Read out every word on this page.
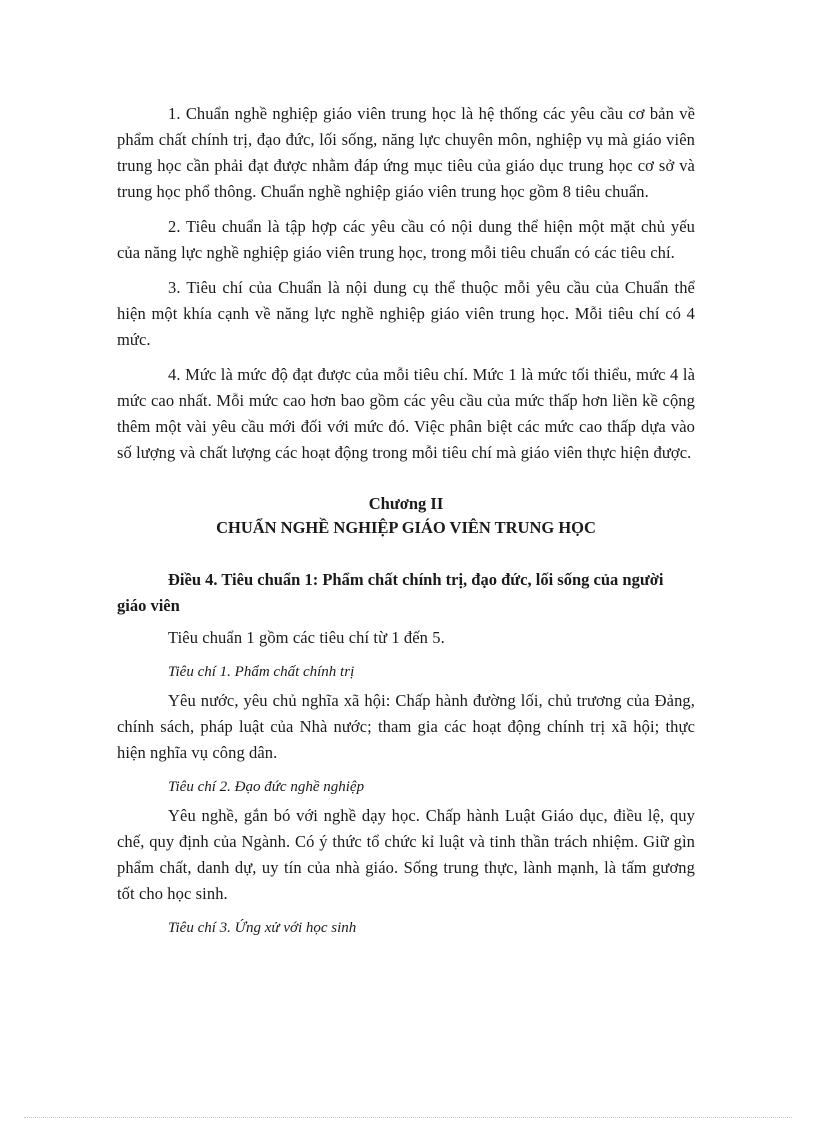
1. Chuẩn nghề nghiệp giáo viên trung học là hệ thống các yêu cầu cơ bản về phẩm chất chính trị, đạo đức, lối sống, năng lực chuyên môn, nghiệp vụ mà giáo viên trung học cần phải đạt được nhằm đáp ứng mục tiêu của giáo dục trung học cơ sở và trung học phổ thông. Chuẩn nghề nghiệp giáo viên trung học gồm 8 tiêu chuẩn.

2. Tiêu chuẩn là tập hợp các yêu cầu có nội dung thể hiện một mặt chủ yếu của năng lực nghề nghiệp giáo viên trung học, trong mỗi tiêu chuẩn có các tiêu chí.

3. Tiêu chí của Chuẩn là nội dung cụ thể thuộc mỗi yêu cầu của Chuẩn thể hiện một khía cạnh về năng lực nghề nghiệp giáo viên trung học. Mỗi tiêu chí có 4 mức.

4. Mức là mức độ đạt được của mỗi tiêu chí. Mức 1 là mức tối thiểu, mức 4 là mức cao nhất. Mỗi mức cao hơn bao gồm các yêu cầu của mức thấp hơn liền kề cộng thêm một vài yêu cầu mới đối với mức đó. Việc phân biệt các mức cao thấp dựa vào số lượng và chất lượng các hoạt động trong mỗi tiêu chí mà giáo viên thực hiện được.

Chương II
CHUẨN NGHỀ NGHIỆP GIÁO VIÊN TRUNG HỌC

Điều 4. Tiêu chuẩn 1: Phẩm chất chính trị, đạo đức, lối sống của người giáo viên

Tiêu chuẩn 1 gồm các tiêu chí từ 1 đến 5.

Tiêu chí 1. Phẩm chất chính trị

Yêu nước, yêu chủ nghĩa xã hội: Chấp hành đường lối, chủ trương của Đảng, chính sách, pháp luật của Nhà nước; tham gia các hoạt động chính trị xã hội; thực hiện nghĩa vụ công dân.

Tiêu chí 2. Đạo đức nghề nghiệp

Yêu nghề, gắn bó với nghề dạy học. Chấp hành Luật Giáo dục, điều lệ, quy chế, quy định của Ngành. Có ý thức tổ chức kỉ luật và tinh thần trách nhiệm. Giữ gìn phẩm chất, danh dự, uy tín của nhà giáo. Sống trung thực, lành mạnh, là tấm gương tốt cho học sinh.

Tiêu chí 3. Ứng xử với học sinh
